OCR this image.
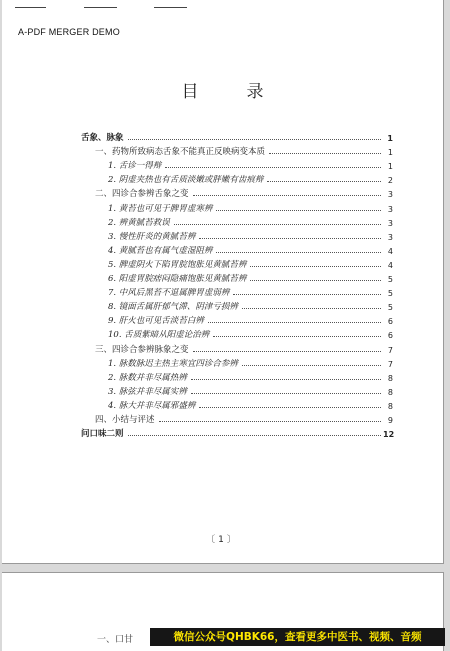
A-PDF MERGER DEMO
目录
舌象、脉象	1
一、药物所致病态舌象不能真正反映病变本质	1
1. 舌诊一得辩	1
2. 阴虚夹热也有舌质淡嫩或胖嫩有齿痕辩	2
二、四诊合参辨舌象之变	3
1. 黄苔也可见于脾胃虚寒辨	3
2. 辨黄腻苔救误	3
3. 慢性肝炎的黄腻苔辨	3
4. 黄腻苔也有属气虚湿阻辨	4
5. 脾虚阴火下陷胃脘饱胀见黄腻苔辨	4
6. 阳虚胃脘痞闷隐痛饱胀见黄腻苔辨	5
7. 中风后黑苔不退属脾胃虚弱辨	5
8. 镜面舌属肝郁气滞、阴津亏损辨	5
9. 肝火也可见舌淡苔白辨	6
10. 舌质紫暗从阳虚论治辨	6
三、四诊合参辨脉象之变	7
1. 脉数脉迟主热主寒宜四诊合参辨	7
2. 脉数并非尽属热辨	8
3. 脉弦并非尽属实辨	8
4. 脉大并非尽属邪盛辨	8
四、小结与评述	9
问口味二则	12
〔1〕
一、口甘	微信公众号QHBK66，查看更多中医书、视频、音频
